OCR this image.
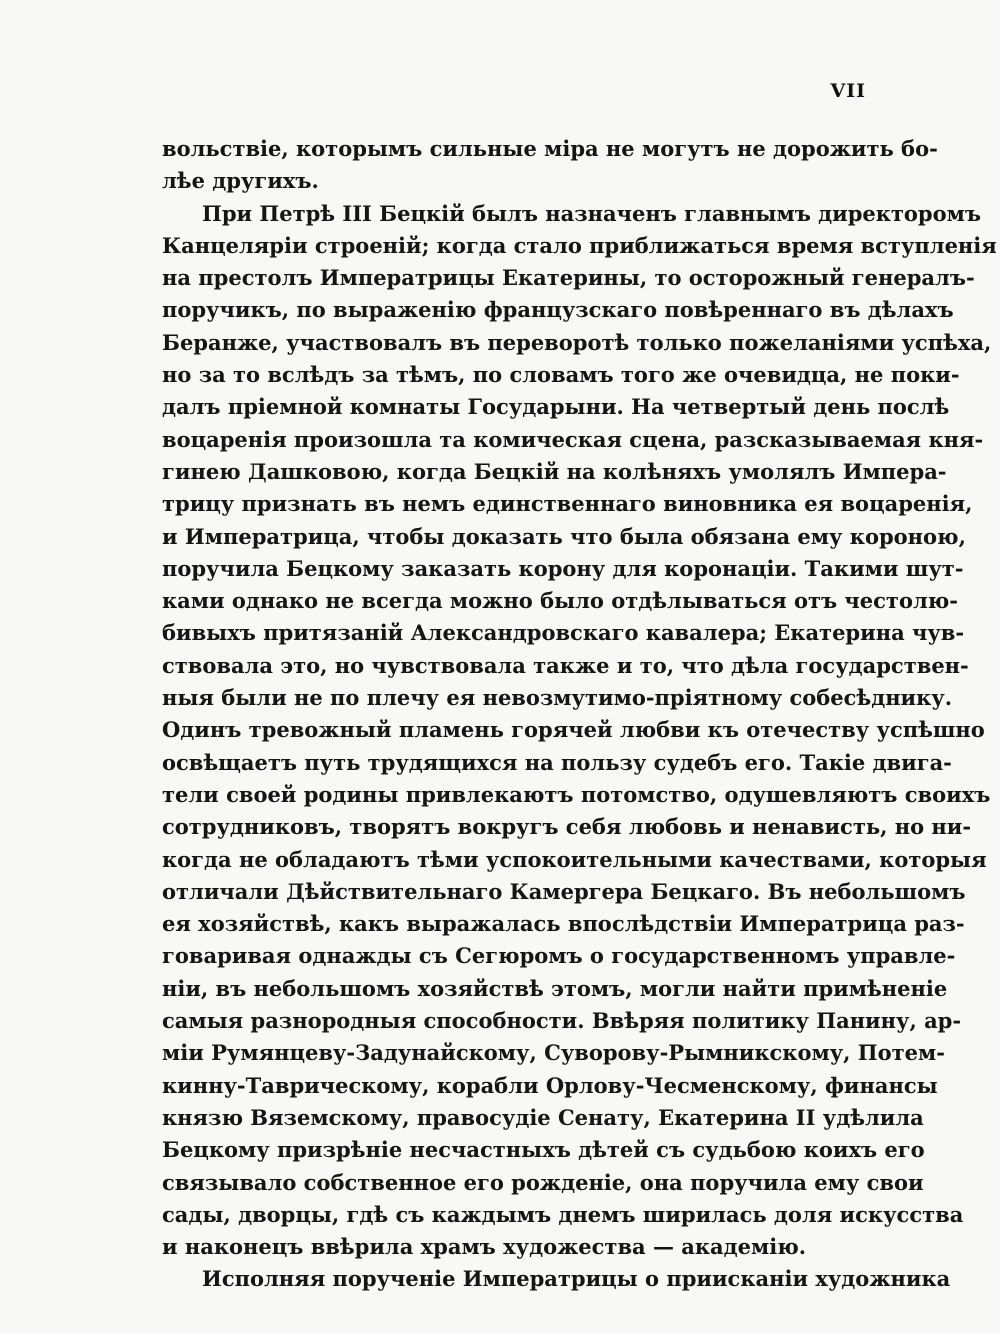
VII
вольствіе, которымъ сильные міра не могутъ не дорожить бо-
лѣе другихъ.
При Петрѣ III Бецкій былъ назначенъ главнымъ директоромъ
Канцеляріи строеній; когда стало приближаться время вступленія
на престолъ Императрицы Екатерины, то осторожный генералъ-
поручикъ, по выраженію французскаго повѣреннаго въ дѣлахъ
Беранже, участвовалъ въ переворотѣ только пожеланіями успѣха,
но за то вслѣдъ за тѣмъ, по словамъ того же очевидца, не поки-
далъ пріемной комнаты Государыни. На четвертый день послѣ
воцаренія произошла та комическая сцена, разсказываемая кня-
гинею Дашковою, когда Бецкій на колѣняхъ умолялъ Импера-
трицу признать въ немъ единственнаго виновника ея воцаренія,
и Императрица, чтобы доказать что была обязана ему короною,
поручила Бецкому заказать корону для коронаціи. Такими шут-
ками однако не всегда можно было отдѣлываться отъ честолю-
бивыхъ притязаній Александровскаго кавалера; Екатерина чув-
ствовала это, но чувствовала также и то, что дѣла государствен-
ныя были не по плечу ея невозмутимо-пріятному собесѣднику.
Одинъ тревожный пламень горячей любви къ отечеству успѣшно
освѣщаетъ путь трудящихся на пользу судебъ его. Такіе двига-
тели своей родины привлекаютъ потомство, одушевляютъ своихъ
сотрудниковъ, творятъ вокругъ себя любовь и ненависть, но ни-
когда не обладаютъ тѣми успокоительными качествами, которыя
отличали Дѣйствительнаго Камергера Бецкаго. Въ небольшомъ
ея хозяйствѣ, какъ выражалась впослѣдствіи Императрица раз-
говаривая однажды съ Сегюромъ о государственномъ управле-
ніи, въ небольшомъ хозяйствѣ этомъ, могли найти примѣненіе
самыя разнородныя способности. Ввѣряя политику Панину, ар-
міи Румянцеву-Задунайскому, Суворову-Рымникскому, Потем-
кинну-Таврическому, корабли Орлову-Чесменскому, финансы
князю Вяземскому, правосудіе Сенату, Екатерина II удѣлила
Бецкому призрѣніе несчастныхъ дѣтей съ судьбою коихъ его
связывало собственное его рожденіе, она поручила ему свои
сады, дворцы, гдѣ съ каждымъ днемъ ширилась доля искусства
и наконецъ ввѣрила храмъ художества — академію.
Исполняя порученіе Императрицы о приисканіи художника
